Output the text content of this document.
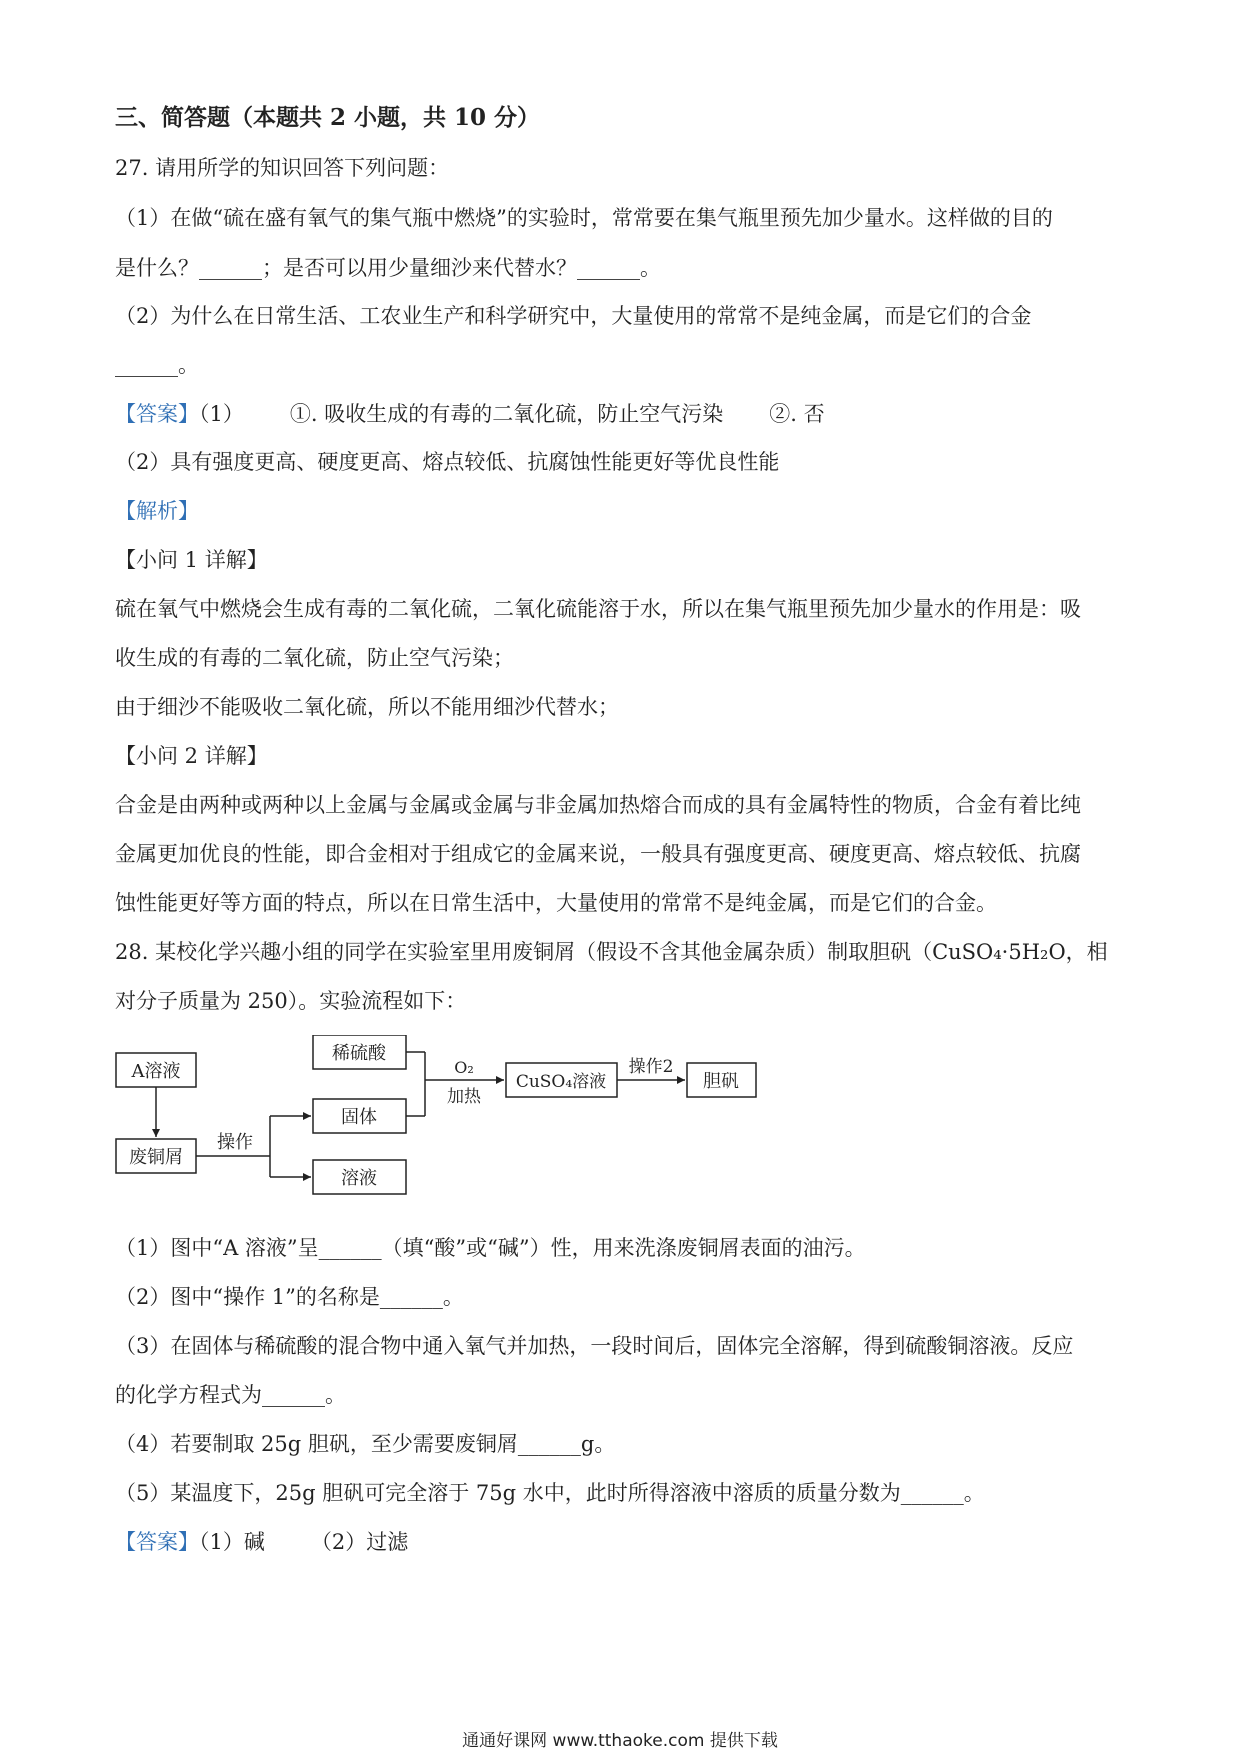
三、简答题（本题共 2 小题，共 10 分）
27. 请用所学的知识回答下列问题：
（1）在做“硫在盛有氧气的集气瓶中燃烧”的实验时，常常要在集气瓶里预先加少量水。这样做的目的
是什么？______；是否可以用少量细沙来代替水？______。
（2）为什么在日常生活、工农业生产和科学研究中，大量使用的常常不是纯金属，而是它们的合金
______。
【答案】（1） ①. 吸收生成的有毒的二氧化硫，防止空气污染 ②. 否
（2）具有强度更高、硬度更高、熔点较低、抗腐蚀性能更好等优良性能
【解析】
【小问 1 详解】
硫在氧气中燃烧会生成有毒的二氧化硫，二氧化硫能溶于水，所以在集气瓶里预先加少量水的作用是：吸
收生成的有毒的二氧化硫，防止空气污染；
由于细沙不能吸收二氧化硫，所以不能用细沙代替水；
【小问 2 详解】
合金是由两种或两种以上金属与金属或金属与非金属加热熔合而成的具有金属特性的物质，合金有着比纯
金属更加优良的性能，即合金相对于组成它的金属来说，一般具有强度更高、硬度更高、熔点较低、抗腐
蚀性能更好等方面的特点，所以在日常生活中，大量使用的常常不是纯金属，而是它们的合金。
28. 某校化学兴趣小组的同学在实验室里用废铜屑（假设不含其他金属杂质）制取胆矾（CuSO₄·5H₂O，相
对分子质量为 250）。实验流程如下：
A溶液
废铜屑
稀硫酸
固体
溶液
CuSO₄溶液	胆矾
操作
O₂
加热
操作2
（1）图中“A 溶液”呈______（填“酸”或“碱”）性，用来洗涤废铜屑表面的油污。
（2）图中“操作 1”的名称是______。
（3）在固体与稀硫酸的混合物中通入氧气并加热，一段时间后，固体完全溶解，得到硫酸铜溶液。反应
的化学方程式为______。
（4）若要制取 25g 胆矾，至少需要废铜屑______g。
（5）某温度下，25g 胆矾可完全溶于 75g 水中，此时所得溶液中溶质的质量分数为______。
【答案】（1）碱 （2）过滤
通通好课网 www.tthaoke.com 提供下载
